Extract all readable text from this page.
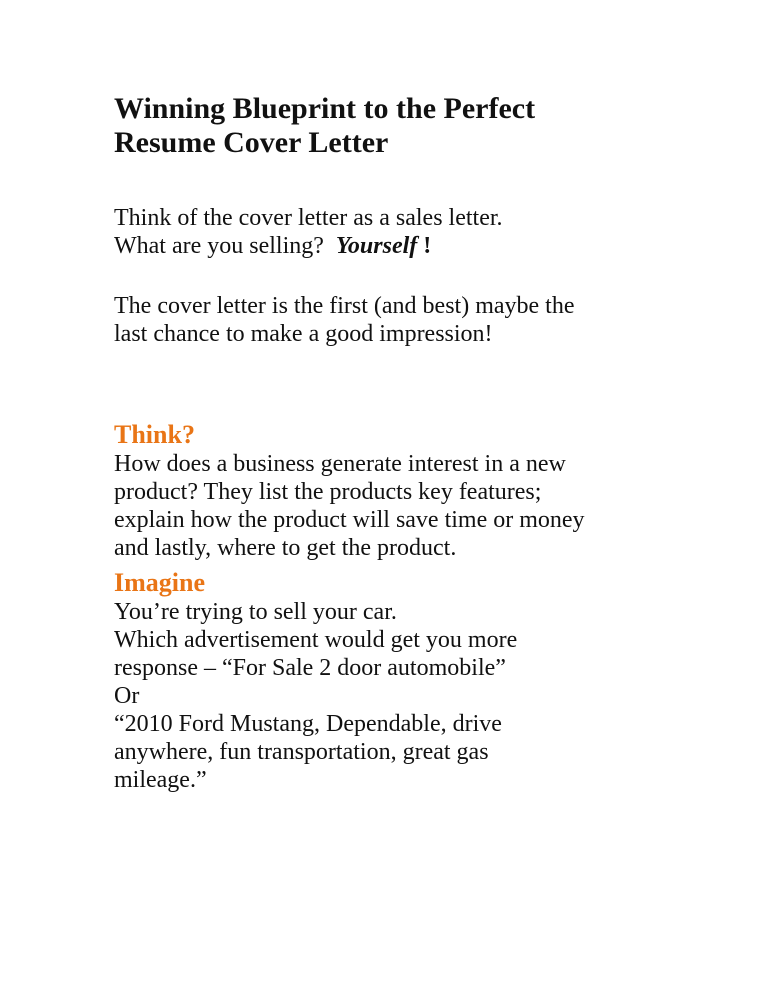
Winning Blueprint to the Perfect
Resume Cover Letter

Think of the cover letter as a sales letter.
What are you selling? Yourself !

The cover letter is the first (and best) maybe the
last chance to make a good impression!

Think?

How does a business generate interest in a new
product? They list the products key features;
explain how the product will save time or money
and lastly, where to get the product.

Imagine

You’re trying to sell your car.
Which advertisement would get you more
response – “For Sale 2 door automobile”
Or
“2010 Ford Mustang, Dependable, drive
anywhere, fun transportation, great gas
mileage.”
